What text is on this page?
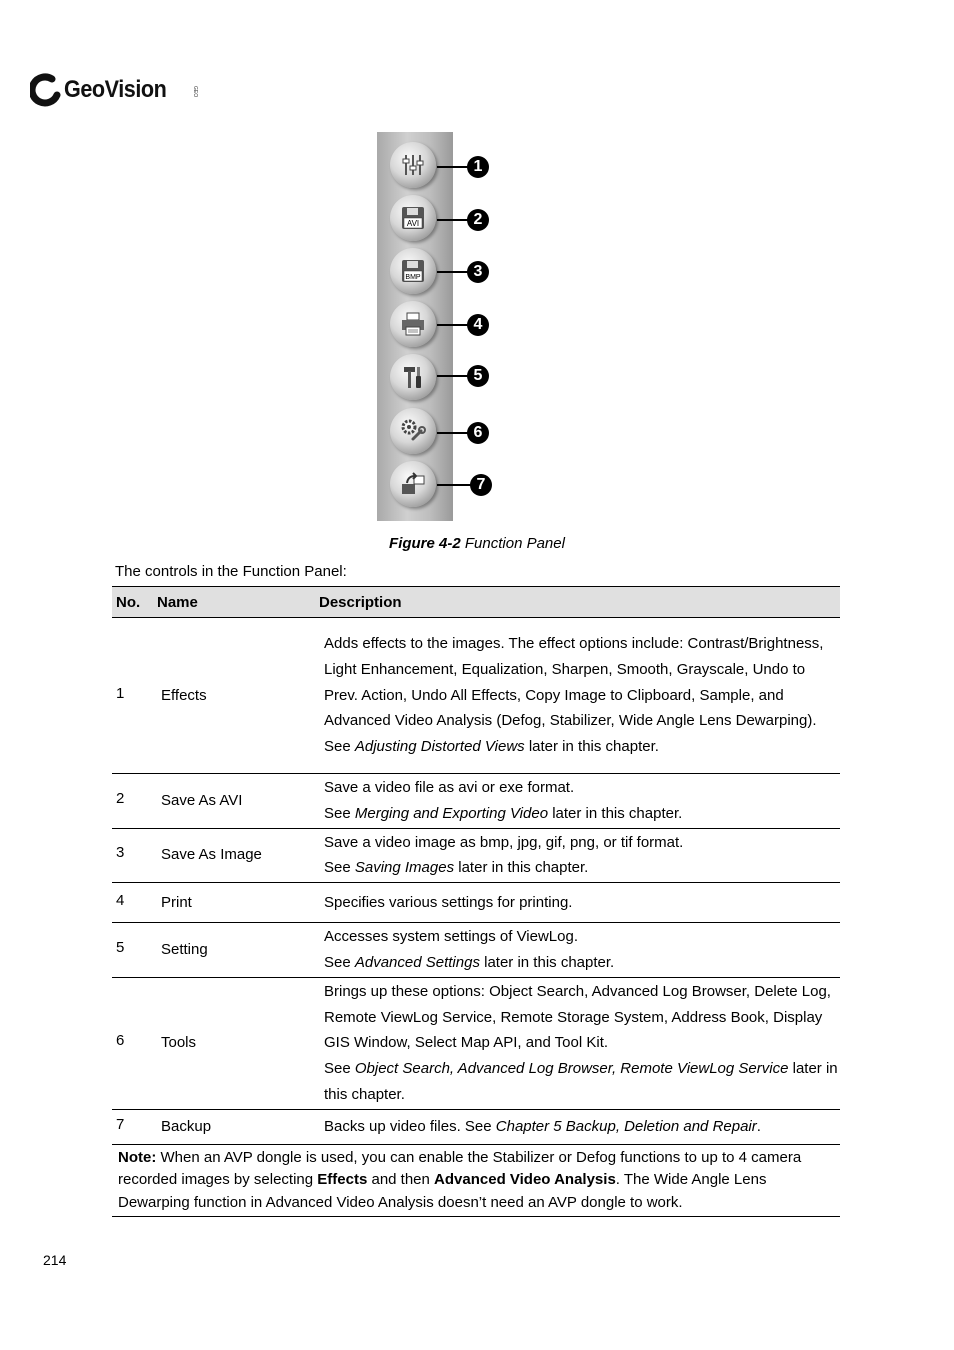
GeoVision	GEO
AVI
BMP
1
2
3
4
5
6
7
Figure 4-2 Function Panel
The controls in the Function Panel:
No.	Name	Description
1	Effects	Adds effects to the images. The effect options include: Contrast/Brightness, Light Enhancement, Equalization, Sharpen, Smooth, Grayscale, Undo to Prev. Action, Undo All Effects, Copy Image to Clipboard, Sample, and Advanced Video Analysis (Defog, Stabilizer, Wide Angle Lens Dewarping).
See Adjusting Distorted Views later in this chapter.

2	Save As AVI	Save a video file as avi or exe format.
See Merging and Exporting Video later in this chapter.

3	Save As Image	Save a video image as bmp, jpg, gif, png, or tif format.
See Saving Images later in this chapter.

4	Print	Specifies various settings for printing.

5	Setting	Accesses system settings of ViewLog.
See Advanced Settings later in this chapter.

6	Tools	Brings up these options: Object Search, Advanced Log Browser, Delete Log, Remote ViewLog Service, Remote Storage System, Address Book, Display GIS Window, Select Map API, and Tool Kit.
See Object Search, Advanced Log Browser, Remote ViewLog Service later in this chapter.

7	Backup	Backs up video files. See Chapter 5 Backup, Deletion and Repair.
Note: When an AVP dongle is used, you can enable the Stabilizer or Defog functions to up to 4 camera recorded images by selecting Effects and then Advanced Video Analysis. The Wide Angle Lens Dewarping function in Advanced Video Analysis doesn’t need an AVP dongle to work.		
214
